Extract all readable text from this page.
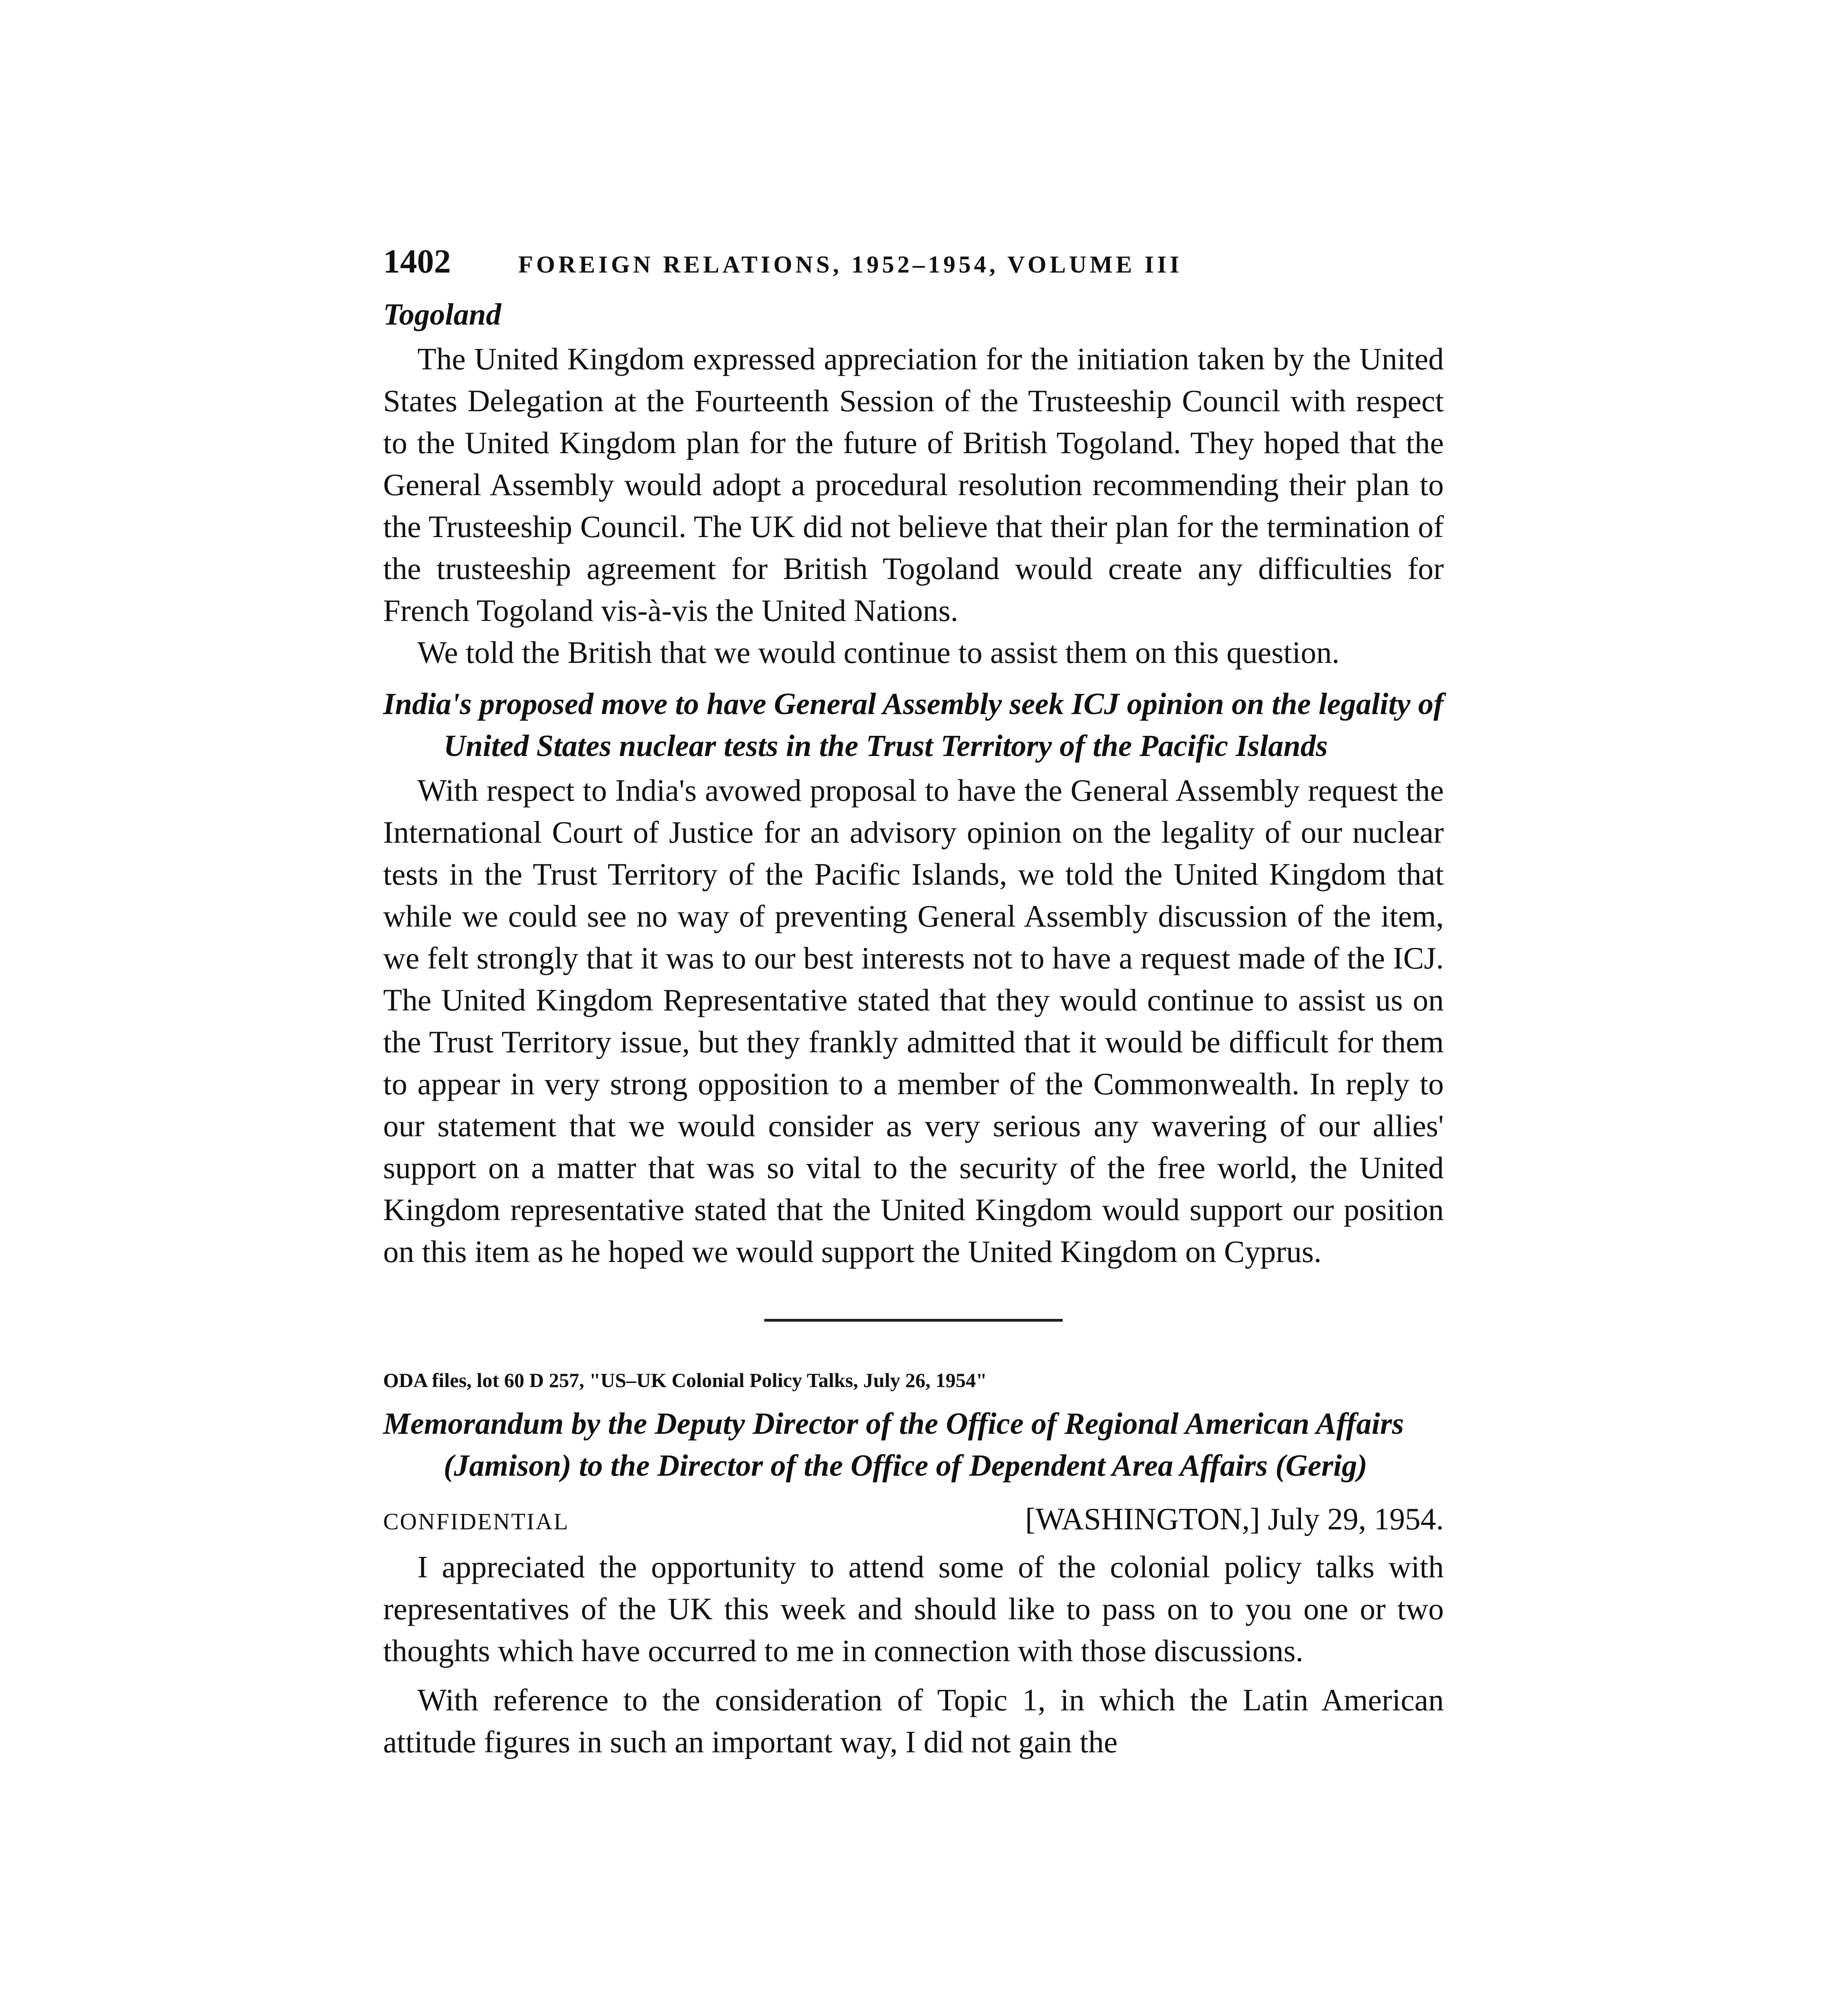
1402	FOREIGN RELATIONS, 1952–1954, VOLUME III
Togoland

The United Kingdom expressed appreciation for the initiation taken by the United States Delegation at the Fourteenth Session of the Trusteeship Council with respect to the United Kingdom plan for the future of British Togoland. They hoped that the General Assembly would adopt a procedural resolution recommending their plan to the Trusteeship Council. The UK did not believe that their plan for the termination of the trusteeship agreement for British Togoland would create any difficulties for French Togoland vis-à-vis the United Nations.

We told the British that we would continue to assist them on this question.

India's proposed move to have General Assembly seek ICJ opinion on the legality of United States nuclear tests in the Trust Territory of the Pacific Islands

With respect to India's avowed proposal to have the General Assembly request the International Court of Justice for an advisory opinion on the legality of our nuclear tests in the Trust Territory of the Pacific Islands, we told the United Kingdom that while we could see no way of preventing General Assembly discussion of the item, we felt strongly that it was to our best interests not to have a request made of the ICJ. The United Kingdom Representative stated that they would continue to assist us on the Trust Territory issue, but they frankly admitted that it would be difficult for them to appear in very strong opposition to a member of the Commonwealth. In reply to our statement that we would consider as very serious any wavering of our allies' support on a matter that was so vital to the security of the free world, the United Kingdom representative stated that the United Kingdom would support our position on this item as he hoped we would support the United Kingdom on Cyprus.

ODA files, lot 60 D 257, "US–UK Colonial Policy Talks, July 26, 1954"
Memorandum by the Deputy Director of the Office of Regional American Affairs (Jamison) to the Director of the Office of Dependent Area Affairs (Gerig)
CONFIDENTIAL	[WASHINGTON,] July 29, 1954.

I appreciated the opportunity to attend some of the colonial policy talks with representatives of the UK this week and should like to pass on to you one or two thoughts which have occurred to me in connection with those discussions.

With reference to the consideration of Topic 1, in which the Latin American attitude figures in such an important way, I did not gain the
